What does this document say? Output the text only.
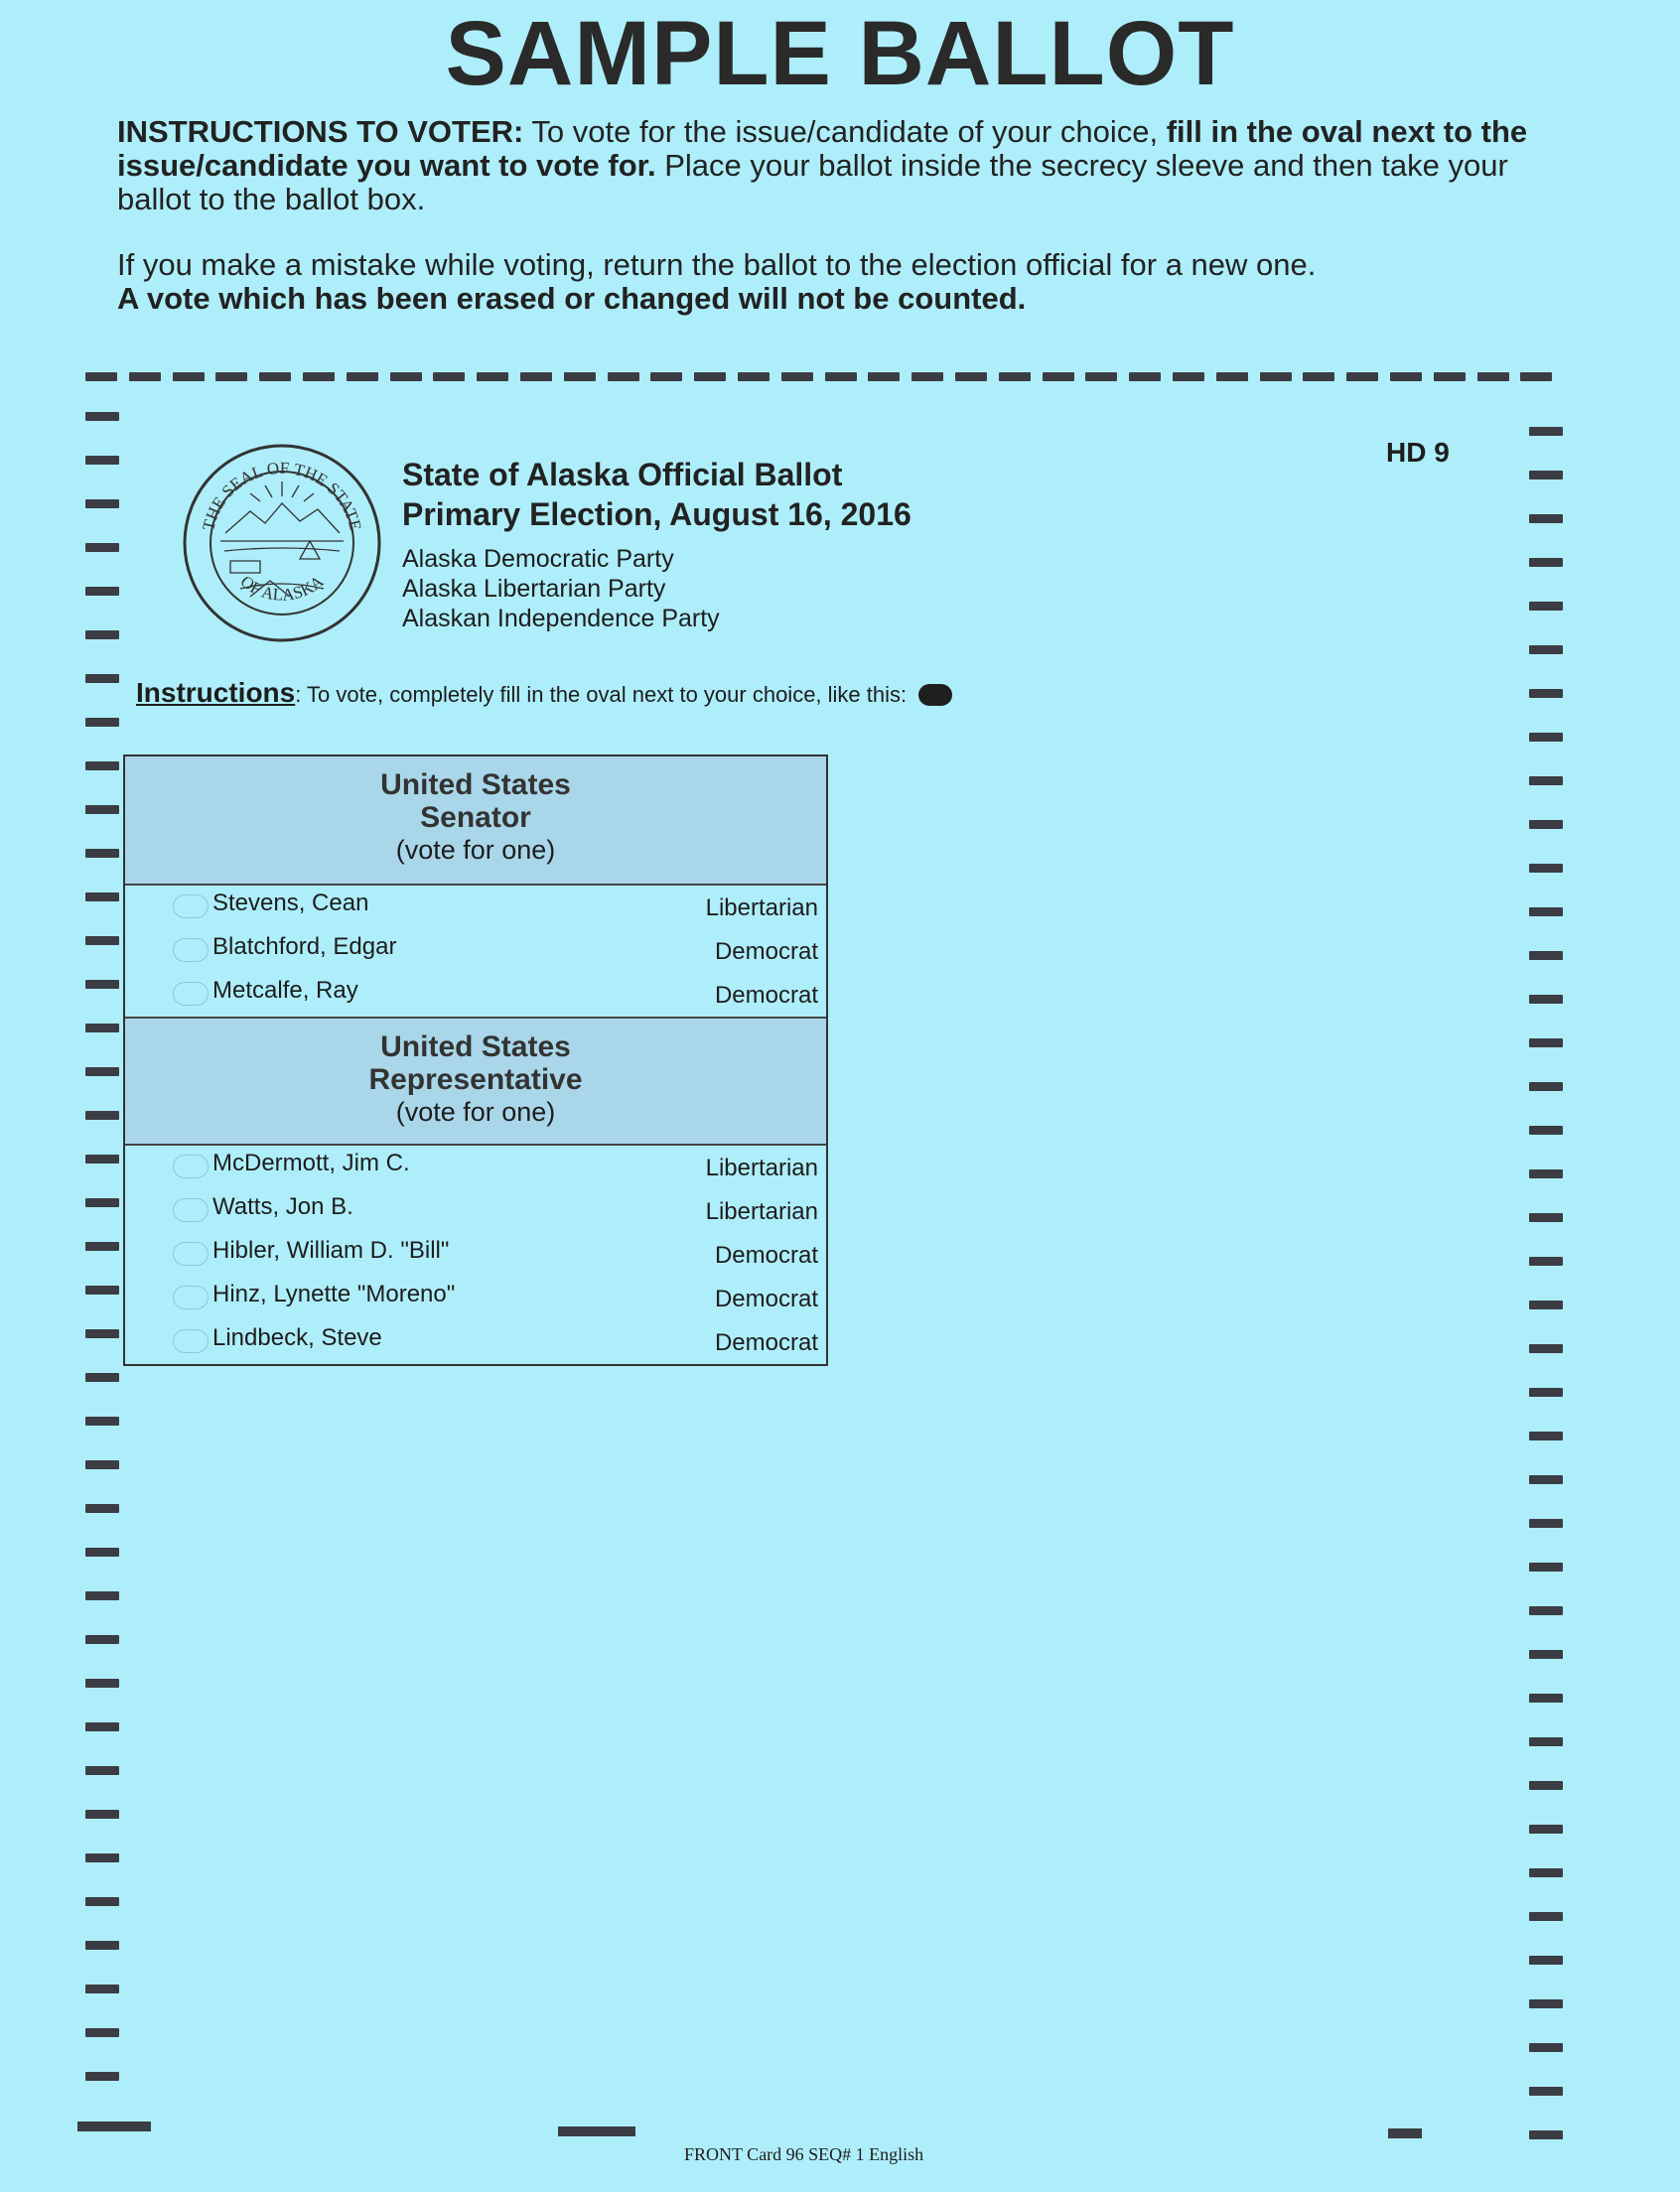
SAMPLE BALLOT
INSTRUCTIONS TO VOTER: To vote for the issue/candidate of your choice, fill in the oval next to the issue/candidate you want to vote for. Place your ballot inside the secrecy sleeve and then take your ballot to the ballot box.
If you make a mistake while voting, return the ballot to the election official for a new one.
A vote which has been erased or changed will not be counted.
THE SEAL OF THE STATE
OF ALASKA
State of Alaska Official Ballot
Primary Election, August 16, 2016
Alaska Democratic Party
Alaska Libertarian Party
Alaskan Independence Party
HD 9
Instructions: To vote, completely fill in the oval next to your choice, like this:
United States
Senator
(vote for one)
Stevens, Cean	Libertarian
Blatchford, Edgar	Democrat
Metcalfe, Ray	Democrat
United States
Representative
(vote for one)
McDermott, Jim C.	Libertarian
Watts, Jon B.	Libertarian
Hibler, William D. "Bill"	Democrat
Hinz, Lynette "Moreno"	Democrat
Lindbeck, Steve	Democrat
FRONT Card 96 SEQ# 1 English
